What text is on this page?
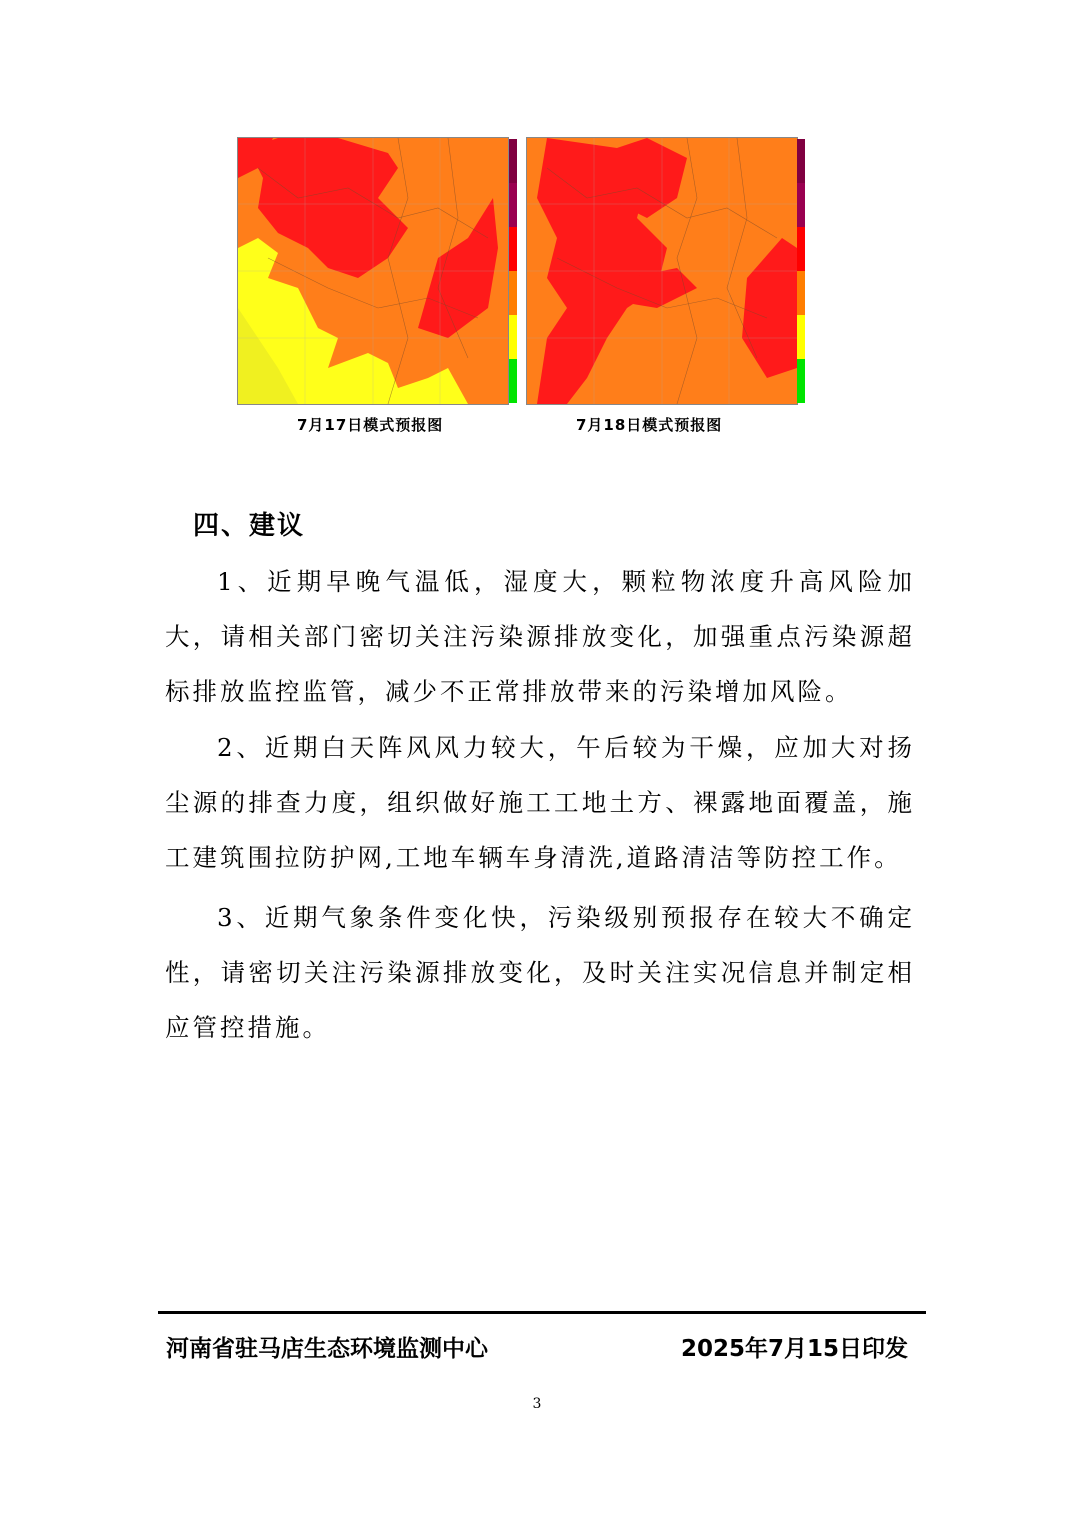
7月17日模式预报图	7月18日模式预报图
四、建议

1、近期早晚气温低，湿度大，颗粒物浓度升高风险加大，请相关部门密切关注污染源排放变化，加强重点污染源超标排放监控监管，减少不正常排放带来的污染增加风险。

2、近期白天阵风风力较大，午后较为干燥，应加大对扬尘源的排查力度，组织做好施工工地土方、裸露地面覆盖，施工建筑围拉防护网,工地车辆车身清洗,道路清洁等防控工作。

3、近期气象条件变化快，污染级别预报存在较大不确定性，请密切关注污染源排放变化，及时关注实况信息并制定相应管控措施。

河南省驻马店生态环境监测中心	2025年7月15日印发
3
